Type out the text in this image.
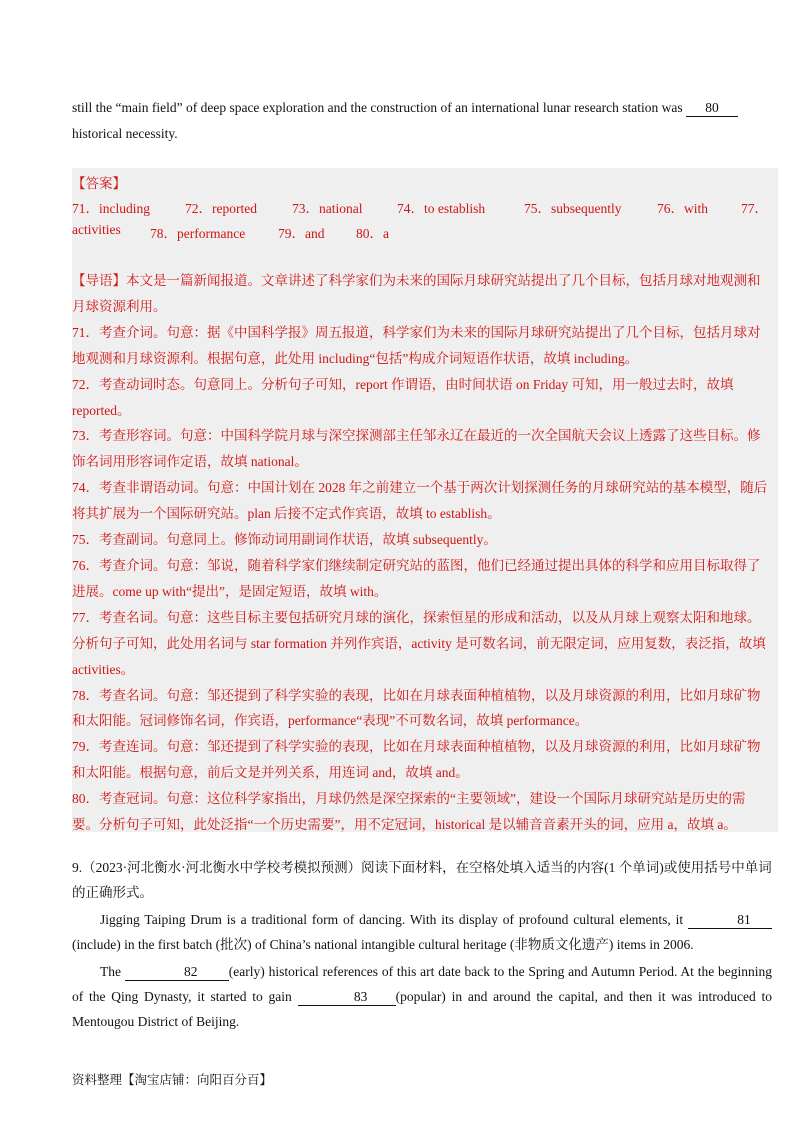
still the “main field” of deep space exploration and the construction of an international lunar research station was 80
historical necessity.
【答案】
71．including	72．reported	73．national	74．to establish	75．subsequently	76．with 77．
activities 78．performance 79．and 80．a

【导语】本文是一篇新闻报道。文章讲述了科学家们为未来的国际月球研究站提出了几个目标，包括月球对地观测和月球资源利用。

71．考查介词。句意：据《中国科学报》周五报道，科学家们为未来的国际月球研究站提出了几个目标，包括月球对地观测和月球资源利。根据句意，此处用 including“包括”构成介词短语作状语，故填 including。

72．考查动词时态。句意同上。分析句子可知，report 作谓语，由时间状语 on Friday 可知，用一般过去时，故填 reported。

73．考查形容词。句意：中国科学院月球与深空探测部主任邹永辽在最近的一次全国航天会议上透露了这些目标。修饰名词用形容词作定语，故填 national。

74．考查非谓语动词。句意：中国计划在 2028 年之前建立一个基于两次计划探测任务的月球研究站的基本模型，随后将其扩展为一个国际研究站。plan 后接不定式作宾语，故填 to establish。

75．考查副词。句意同上。修饰动词用副词作状语，故填 subsequently。

76．考查介词。句意：邹说，随着科学家们继续制定研究站的蓝图，他们已经通过提出具体的科学和应用目标取得了进展。come up with“提出”，是固定短语，故填 with。

77．考查名词。句意：这些目标主要包括研究月球的演化，探索恒星的形成和活动，以及从月球上观察太阳和地球。分析句子可知，此处用名词与 star formation 并列作宾语，activity 是可数名词，前无限定词，应用复数，表泛指，故填 activities。

78．考查名词。句意：邹还提到了科学实验的表现，比如在月球表面种植植物，以及月球资源的利用，比如月球矿物和太阳能。冠词修饰名词，作宾语，performance“表现”不可数名词，故填 performance。

79．考查连词。句意：邹还提到了科学实验的表现，比如在月球表面种植植物，以及月球资源的利用，比如月球矿物和太阳能。根据句意，前后文是并列关系，用连词 and，故填 and。

80．考查冠词。句意：这位科学家指出，月球仍然是深空探索的“主要领域”，建设一个国际月球研究站是历史的需要。分析句子可知，此处泛指“一个历史需要”，用不定冠词，historical 是以辅音音素开头的词，应用 a，故填 a。

9.（2023·河北衡水·河北衡水中学校考模拟预测）阅读下面材料，在空格处填入适当的内容(1 个单词)或使用括号中单词的正确形式。

Jigging Taiping Drum is a traditional form of dancing. With its display of profound cultural elements, it	81 (include) in the first batch (批次) of China’s national intangible cultural heritage (非物质文化遗产) items in 2006.

The	82 (early) historical references of this art date back to the Spring and Autumn Period. At the beginning of the Qing Dynasty, it started to gain	83 (popular) in and around the capital, and then it was introduced to Mentougou District of Beijing.

资料整理【淘宝店铺：向阳百分百】
